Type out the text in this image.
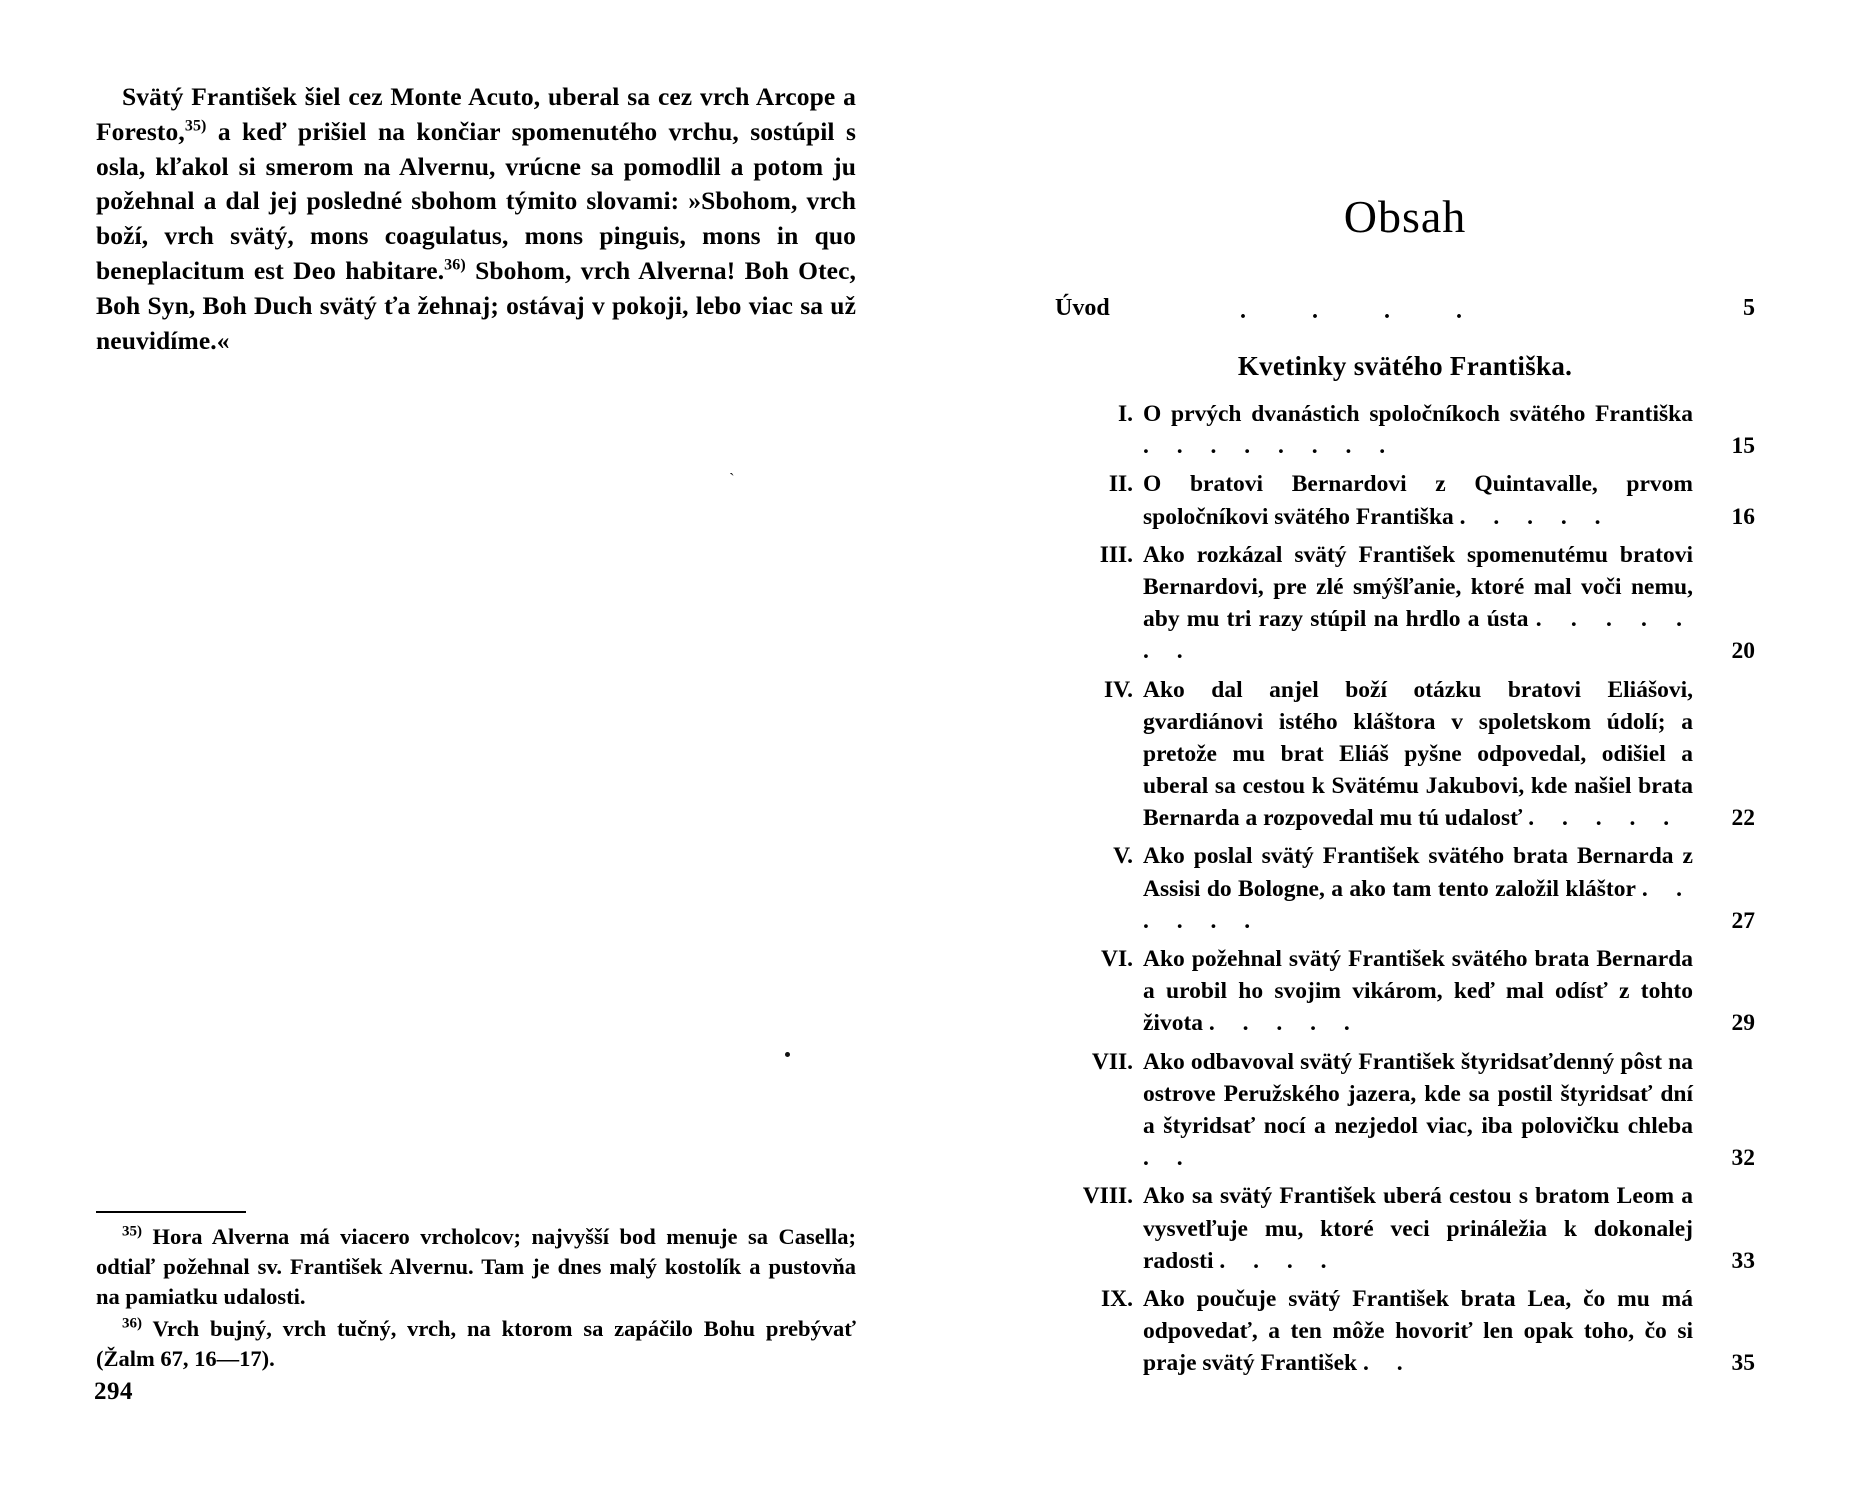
Svätý František šiel cez Monte Acuto, uberal sa cez vrch Arcope a Foresto,$^{35)}$ a keď prišiel na končiar spomenutého vrchu, sostúpil s osla, kľakol si smerom na Alvernu, vrúcne sa pomodlil a potom ju požehnal a dal jej posledné sbohom týmito slovami: »Sbohom, vrch boží, vrch svätý, mons coagulatus, mons pinguis, mons in quo beneplacitum est Deo habitare.$^{36)}$ Sbohom, vrch Alverna! Boh Otec, Boh Syn, Boh Duch svätý ťa žehnaj; ostávaj v pokoji, lebo viac sa už neuvidíme.«

`

$^{35)}$ Hora Alverna má viacero vrcholcov; najvyšší bod menuje sa Casella; odtiaľ požehnal sv. František Alvernu. Tam je dnes malý kostolík a pustovňa na pamiatku udalosti.

$^{36)}$ Vrch bujný, vrch tučný, vrch, na ktorom sa zapáčilo Bohu prebývať (Žalm 67, 16—17).

294
Obsah
Úvod	. . . .	5
Kvetinky svätého Františka.
I. O prvých dvanástich spoločníkoch svätého Františka . . . . . . . .	15
II. O bratovi Bernardovi z Quintavalle, prvom spoločníkovi svätého Františka . . . . .	16
III. Ako rozkázal svätý František spomenutému bratovi Bernardovi, pre zlé smýšľanie, ktoré mal voči nemu, aby mu tri razy stúpil na hrdlo a ústa . . . . . . .	20
IV. Ako dal anjel boží otázku bratovi Eliášovi, gvardiánovi istého kláštora v spoletskom údolí; a pretože mu brat Eliáš pyšne odpovedal, odišiel a uberal sa cestou k Svätému Jakubovi, kde našiel brata Bernarda a rozpovedal mu tú udalosť . . . . .	22
V. Ako poslal svätý František svätého brata Bernarda z Assisi do Bologne, a ako tam tento založil kláštor . . . . . .	27
VI. Ako požehnal svätý František svätého brata Bernarda a urobil ho svojim vikárom, keď mal odísť z tohto života . . . . .	29
VII. Ako odbavoval svätý František štyridsaťdenný pôst na ostrove Peružského jazera, kde sa postil štyridsať dní a štyridsať nocí a nezjedol viac, iba polovičku chleba . .	32
VIII. Ako sa svätý František uberá cestou s bratom Leom a vysvetľuje mu, ktoré veci prináležia k dokonalej radosti . . . .	33
IX. Ako poučuje svätý František brata Lea, čo mu má odpovedať, a ten môže hovoriť len opak toho, čo si praje svätý František . .	35
